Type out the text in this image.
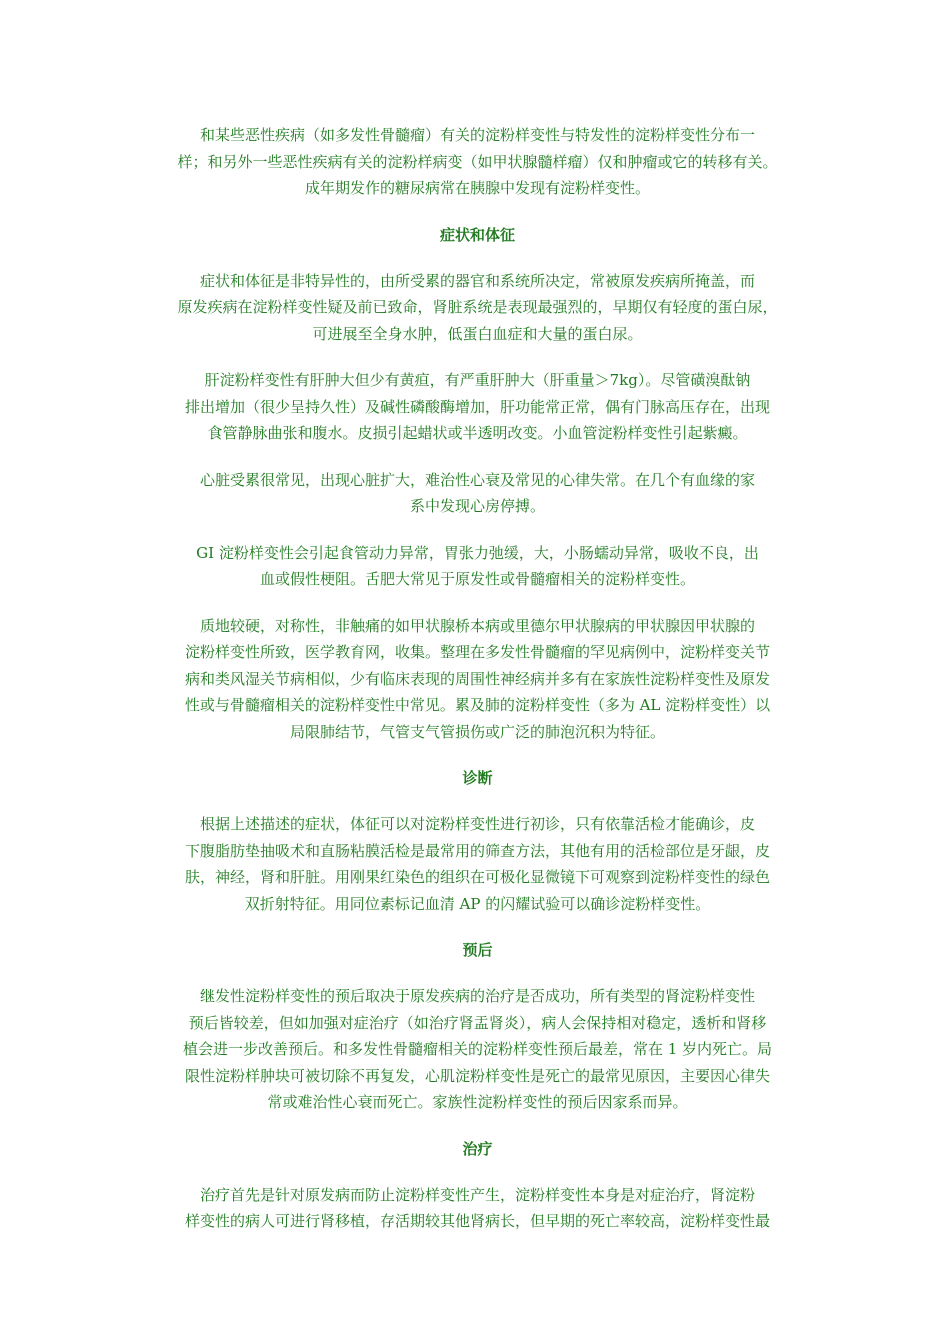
和某些恶性疾病（如多发性骨髓瘤）有关的淀粉样变性与特发性的淀粉样变性分布一
样；和另外一些恶性疾病有关的淀粉样病变（如甲状腺髓样瘤）仅和肿瘤或它的转移有关。
成年期发作的糖尿病常在胰腺中发现有淀粉样变性。

症状和体征

症状和体征是非特异性的，由所受累的器官和系统所决定，常被原发疾病所掩盖，而
原发疾病在淀粉样变性疑及前已致命，肾脏系统是表现最强烈的，早期仅有轻度的蛋白尿，
可进展至全身水肿，低蛋白血症和大量的蛋白尿。

肝淀粉样变性有肝肿大但少有黄疸，有严重肝肿大（肝重量＞7kg）。尽管磺溴酞钠
排出增加（很少呈持久性）及碱性磷酸酶增加，肝功能常正常，偶有门脉高压存在，出现
食管静脉曲张和腹水。皮损引起蜡状或半透明改变。小血管淀粉样变性引起紫癜。

心脏受累很常见，出现心脏扩大，难治性心衰及常见的心律失常。在几个有血缘的家
系中发现心房停搏。

GI 淀粉样变性会引起食管动力异常，胃张力弛缓，大，小肠蠕动异常，吸收不良，出
血或假性梗阻。舌肥大常见于原发性或骨髓瘤相关的淀粉样变性。

质地较硬，对称性，非触痛的如甲状腺桥本病或里德尔甲状腺病的甲状腺因甲状腺的
淀粉样变性所致，医学教育网，收集。整理在多发性骨髓瘤的罕见病例中，淀粉样变关节
病和类风湿关节病相似，少有临床表现的周围性神经病并多有在家族性淀粉样变性及原发
性或与骨髓瘤相关的淀粉样变性中常见。累及肺的淀粉样变性（多为 AL 淀粉样变性）以
局限肺结节，气管支气管损伤或广泛的肺泡沉积为特征。

诊断

根据上述描述的症状，体征可以对淀粉样变性进行初诊，只有依靠活检才能确诊，皮
下腹脂肪垫抽吸术和直肠粘膜活检是最常用的筛查方法，其他有用的活检部位是牙龈，皮
肤，神经，肾和肝脏。用刚果红染色的组织在可极化显微镜下可观察到淀粉样变性的绿色
双折射特征。用同位素标记血清 AP 的闪耀试验可以确诊淀粉样变性。

预后

继发性淀粉样变性的预后取决于原发疾病的治疗是否成功，所有类型的肾淀粉样变性
预后皆较差，但如加强对症治疗（如治疗肾盂肾炎），病人会保持相对稳定，透析和肾移
植会进一步改善预后。和多发性骨髓瘤相关的淀粉样变性预后最差，常在 1 岁内死亡。局
限性淀粉样肿块可被切除不再复发，心肌淀粉样变性是死亡的最常见原因，主要因心律失
常或难治性心衰而死亡。家族性淀粉样变性的预后因家系而异。

治疗

治疗首先是针对原发病而防止淀粉样变性产生，淀粉样变性本身是对症治疗，肾淀粉
样变性的病人可进行肾移植，存活期较其他肾病长，但早期的死亡率较高，淀粉样变性最
